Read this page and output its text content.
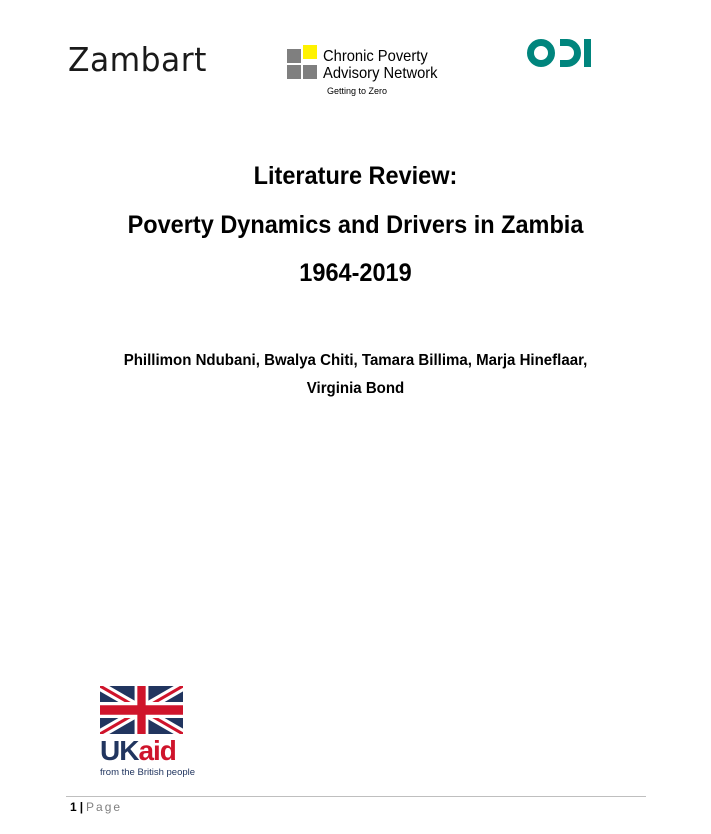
Zambart	Chronic Poverty
Advisory Network
Getting to Zero
Literature Review:
Poverty Dynamics and Drivers in Zambia
1964-2019
Phillimon Ndubani, Bwalya Chiti, Tamara Billima, Marja Hineflaar,
Virginia Bond
UKaid
from the British people
1 | Page
